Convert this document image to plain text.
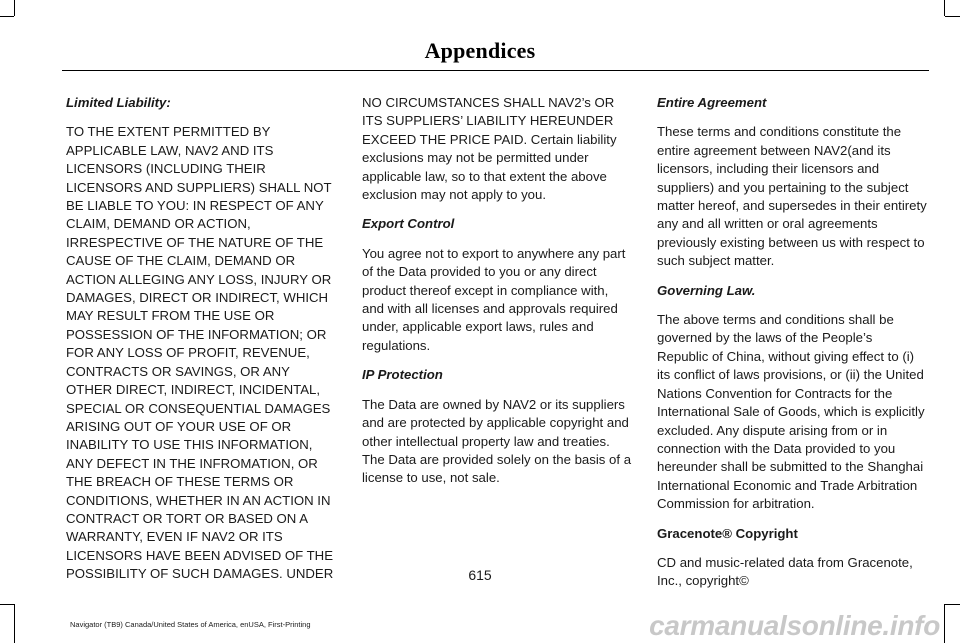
Appendices

Limited Liability:

TO THE EXTENT PERMITTED BY APPLICABLE LAW, NAV2 AND ITS LICENSORS (INCLUDING THEIR LICENSORS AND SUPPLIERS) SHALL NOT BE LIABLE TO YOU: IN RESPECT OF ANY CLAIM, DEMAND OR ACTION, IRRESPECTIVE OF THE NATURE OF THE CAUSE OF THE CLAIM, DEMAND OR ACTION ALLEGING ANY LOSS, INJURY OR DAMAGES, DIRECT OR INDIRECT, WHICH MAY RESULT FROM THE USE OR POSSESSION OF THE INFORMATION; OR FOR ANY LOSS OF PROFIT, REVENUE, CONTRACTS OR SAVINGS, OR ANY OTHER DIRECT, INDIRECT, INCIDENTAL, SPECIAL OR CONSEQUENTIAL DAMAGES ARISING OUT OF YOUR USE OF OR INABILITY TO USE THIS INFORMATION, ANY DEFECT IN THE INFROMATION, OR THE BREACH OF THESE TERMS OR CONDITIONS, WHETHER IN AN ACTION IN CONTRACT OR TORT OR BASED ON A WARRANTY, EVEN IF NAV2 OR ITS LICENSORS HAVE BEEN ADVISED OF THE POSSIBILITY OF SUCH DAMAGES. UNDER

NO CIRCUMSTANCES SHALL NAV2’s OR ITS SUPPLIERS’ LIABILITY HEREUNDER EXCEED THE PRICE PAID. Certain liability exclusions may not be permitted under applicable law, so to that extent the above exclusion may not apply to you.

Export Control

You agree not to export to anywhere any part of the Data provided to you or any direct product thereof except in compliance with, and with all licenses and approvals required under, applicable export laws, rules and regulations.

IP Protection

The Data are owned by NAV2 or its suppliers and are protected by applicable copyright and other intellectual property law and treaties. The Data are provided solely on the basis of a license to use, not sale.

Entire Agreement

These terms and conditions constitute the entire agreement between NAV2(and its licensors, including their licensors and suppliers) and you pertaining to the subject matter hereof, and supersedes in their entirety any and all written or oral agreements previously existing between us with respect to such subject matter.

Governing Law.

The above terms and conditions shall be governed by the laws of the People’s Republic of China, without giving effect to (i) its conflict of laws provisions, or (ii) the United Nations Convention for Contracts for the International Sale of Goods, which is explicitly excluded. Any dispute arising from or in connection with the Data provided to you hereunder shall be submitted to the Shanghai International Economic and Trade Arbitration Commission for arbitration.

Gracenote® Copyright

CD and music-related data from Gracenote, Inc., copyright©

615
Navigator (TB9) Canada/United States of America, enUSA, First-Printing	carmanualsonline.info
